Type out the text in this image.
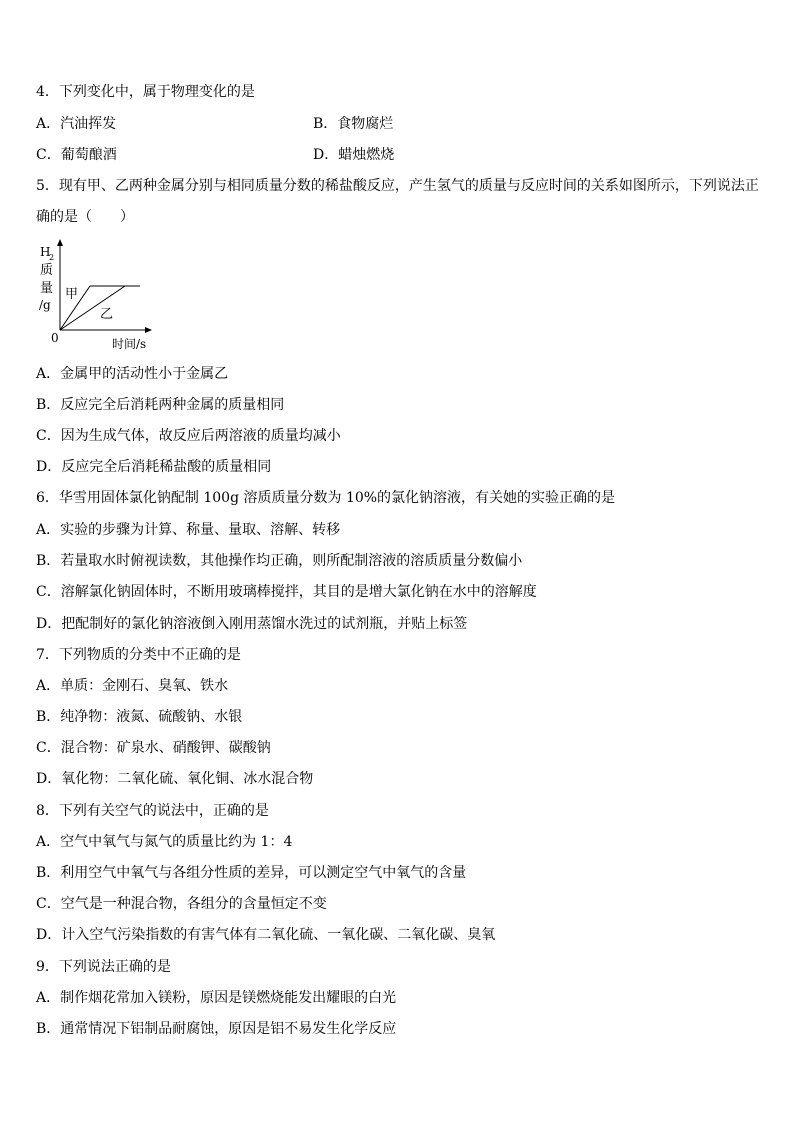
4．下列变化中，属于物理变化的是
A．汽油挥发	B．食物腐烂
C．葡萄酿酒	D．蜡烛燃烧
5．现有甲、乙两种金属分别与相同质量分数的稀盐酸反应，产生氢气的质量与反应时间的关系如图所示，下列说法正
确的是（　　）
H
2
质
量
/g
0	时间/s
甲
乙
A．金属甲的活动性小于金属乙
B．反应完全后消耗两种金属的质量相同
C．因为生成气体，故反应后两溶液的质量均减小
D．反应完全后消耗稀盐酸的质量相同
6．华雪用固体氯化钠配制 100g 溶质质量分数为 10%的氯化钠溶液，有关她的实验正确的是
A．实验的步骤为计算、称量、量取、溶解、转移
B．若量取水时俯视读数，其他操作均正确，则所配制溶液的溶质质量分数偏小
C．溶解氯化钠固体时，不断用玻璃棒搅拌，其目的是增大氯化钠在水中的溶解度
D．把配制好的氯化钠溶液倒入刚用蒸馏水洗过的试剂瓶，并贴上标签
7．下列物质的分类中不正确的是
A．单质：金刚石、臭氧、铁水
B．纯净物：液氮、硫酸钠、水银
C．混合物：矿泉水、硝酸钾、碳酸钠
D．氧化物：二氧化硫、氧化铜、冰水混合物
8．下列有关空气的说法中，正确的是
A．空气中氧气与氮气的质量比约为 1：4
B．利用空气中氧气与各组分性质的差异，可以测定空气中氧气的含量
C．空气是一种混合物，各组分的含量恒定不变
D．计入空气污染指数的有害气体有二氧化硫、一氧化碳、二氧化碳、臭氧
9．下列说法正确的是
A．制作烟花常加入镁粉，原因是镁燃烧能发出耀眼的白光
B．通常情况下铝制品耐腐蚀，原因是铝不易发生化学反应
